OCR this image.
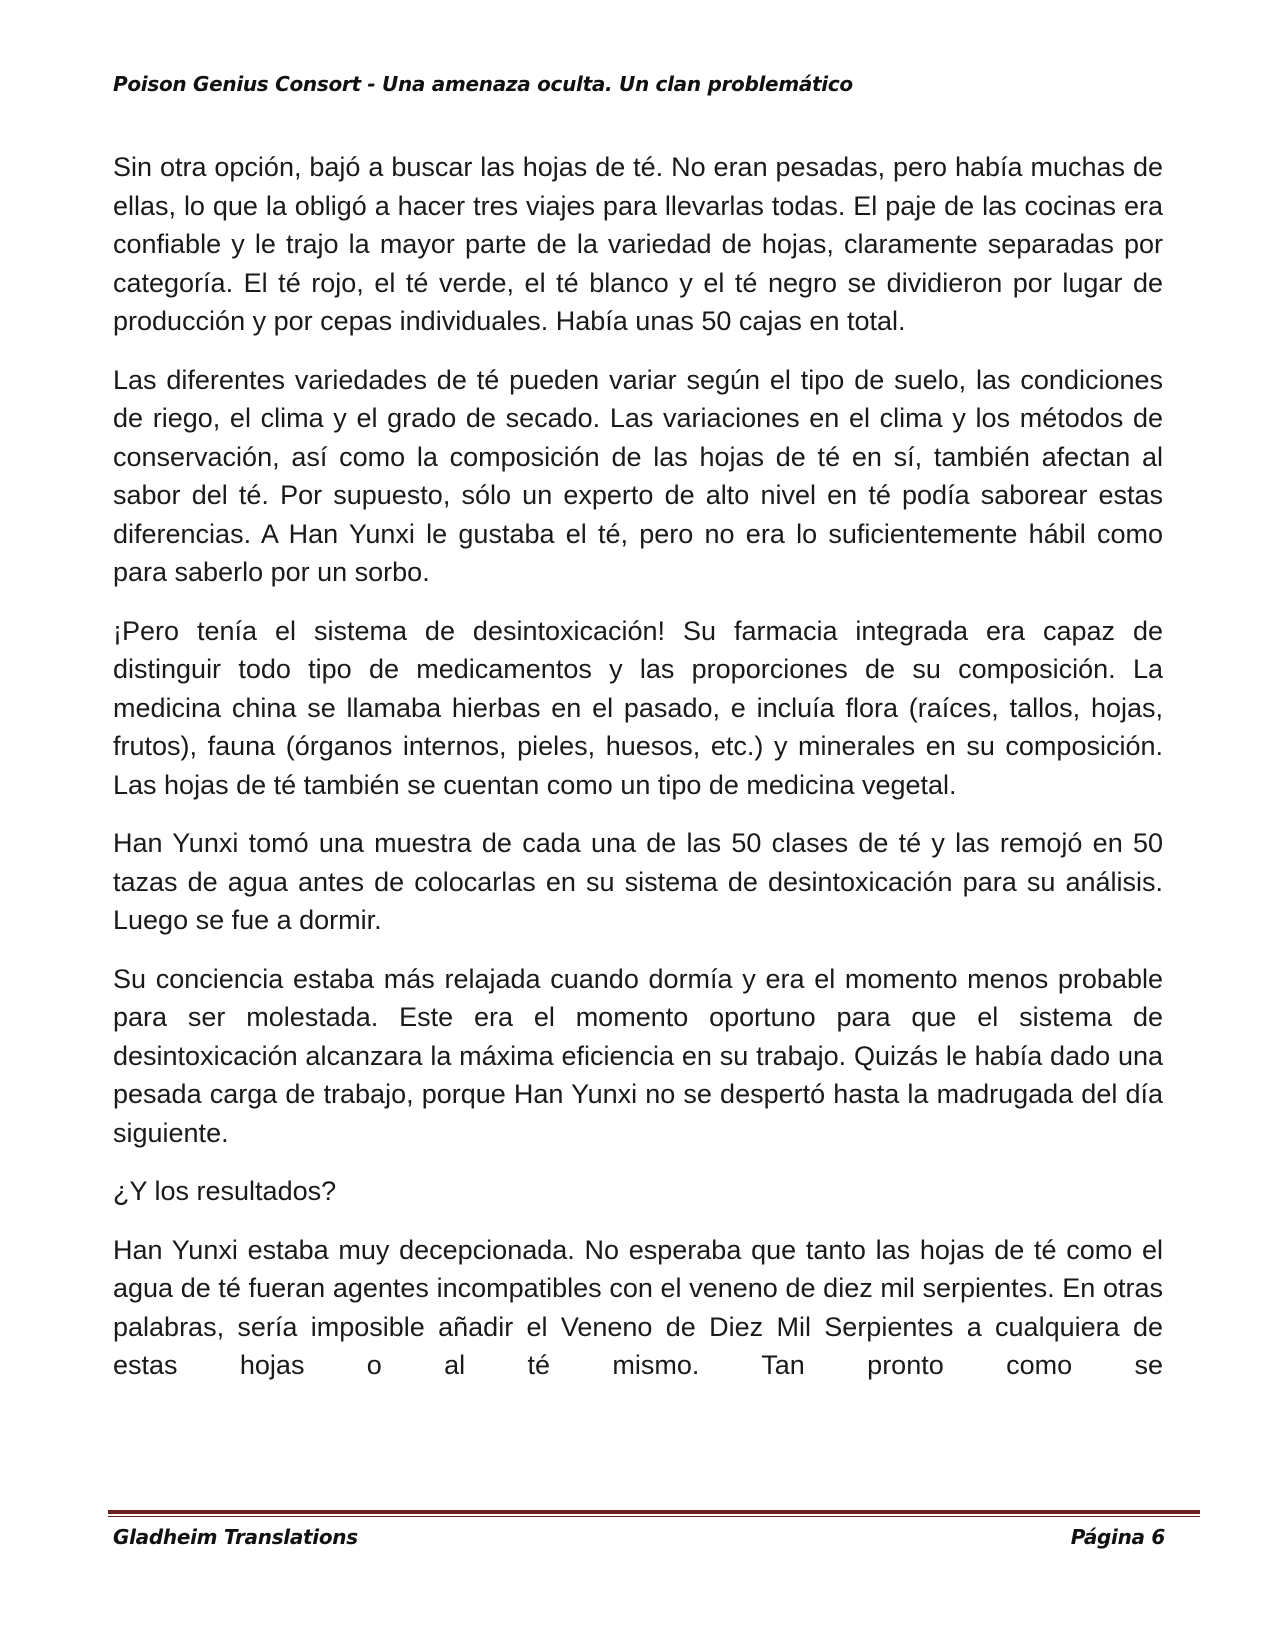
Poison Genius Consort - Una amenaza oculta. Un clan problemático

Sin otra opción, bajó a buscar las hojas de té. No eran pesadas, pero había muchas de ellas, lo que la obligó a hacer tres viajes para llevarlas todas. El paje de las cocinas era confiable y le trajo la mayor parte de la variedad de hojas, claramente separadas por categoría. El té rojo, el té verde, el té blanco y el té negro se dividieron por lugar de producción y por cepas individuales. Había unas 50 cajas en total.

Las diferentes variedades de té pueden variar según el tipo de suelo, las condiciones de riego, el clima y el grado de secado. Las variaciones en el clima y los métodos de conservación, así como la composición de las hojas de té en sí, también afectan al sabor del té. Por supuesto, sólo un experto de alto nivel en té podía saborear estas diferencias. A Han Yunxi le gustaba el té, pero no era lo suficientemente hábil como para saberlo por un sorbo.

¡Pero tenía el sistema de desintoxicación! Su farmacia integrada era capaz de distinguir todo tipo de medicamentos y las proporciones de su composición. La medicina china se llamaba hierbas en el pasado, e incluía flora (raíces, tallos, hojas, frutos), fauna (órganos internos, pieles, huesos, etc.) y minerales en su composición. Las hojas de té también se cuentan como un tipo de medicina vegetal.

Han Yunxi tomó una muestra de cada una de las 50 clases de té y las remojó en 50 tazas de agua antes de colocarlas en su sistema de desintoxicación para su análisis. Luego se fue a dormir.

Su conciencia estaba más relajada cuando dormía y era el momento menos probable para ser molestada. Este era el momento oportuno para que el sistema de desintoxicación alcanzara la máxima eficiencia en su trabajo. Quizás le había dado una pesada carga de trabajo, porque Han Yunxi no se despertó hasta la madrugada del día siguiente.

¿Y los resultados?

Han Yunxi estaba muy decepcionada. No esperaba que tanto las hojas de té como el agua de té fueran agentes incompatibles con el veneno de diez mil serpientes. En otras palabras, sería imposible añadir el Veneno de Diez Mil Serpientes a cualquiera de estas hojas o al té mismo. Tan pronto como se

Gladheim Translations	Página 6
